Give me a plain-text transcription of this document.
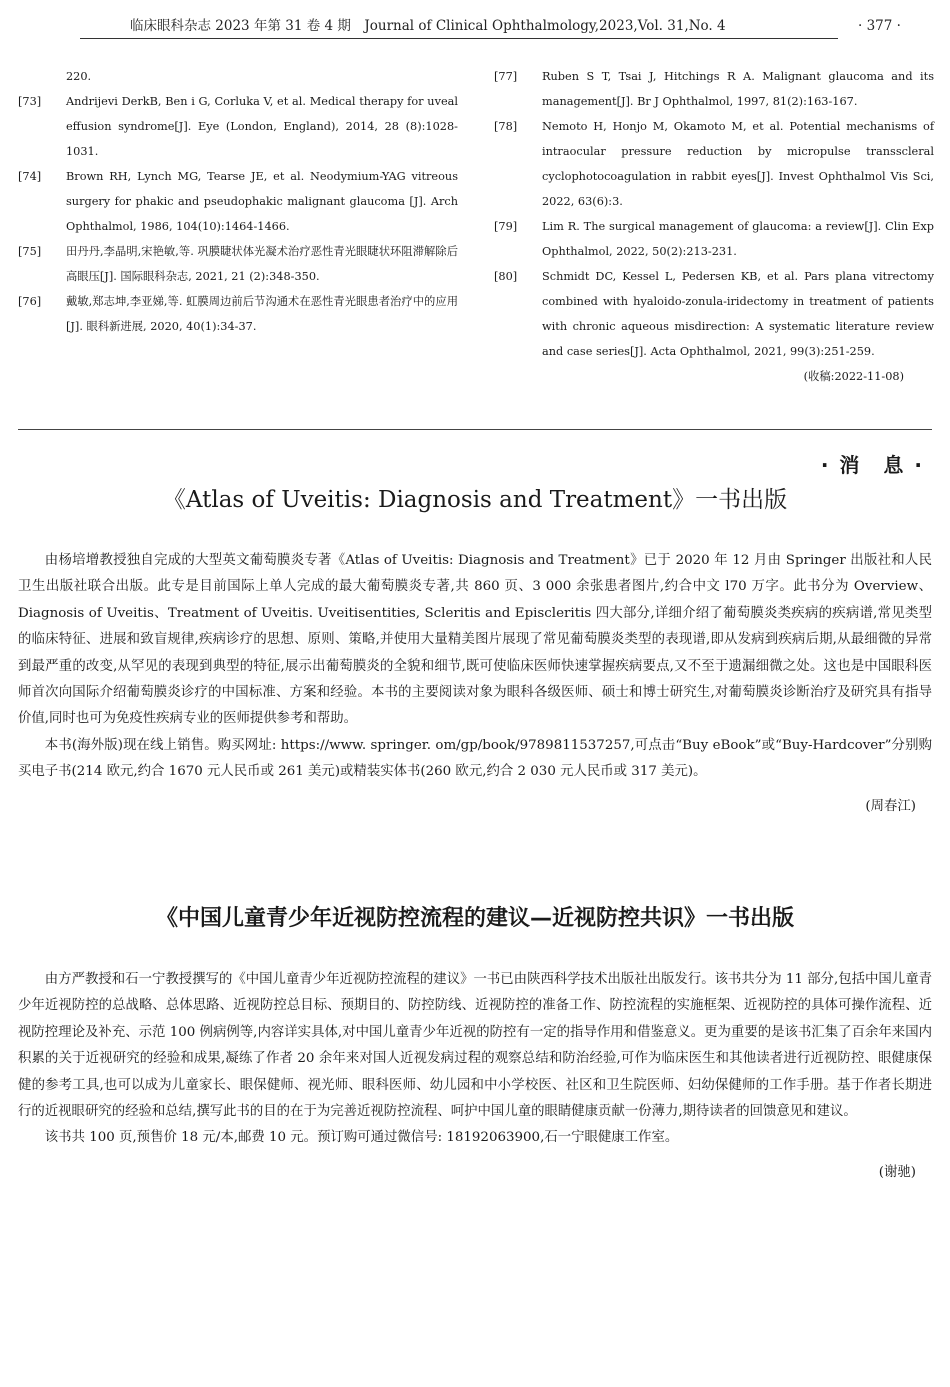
临床眼科杂志 2023 年第 31 卷 4 期　Journal of Clinical Ophthalmology,2023,Vol. 31,No. 4	· 377 ·
220.
[73]	Andrijevi DerkB, Ben i G, Corluka V, et al. Medical therapy for uveal effusion syndrome[J]. Eye (London, England), 2014, 28 (8):1028-1031.
[74]	Brown RH, Lynch MG, Tearse JE, et al. Neodymium-YAG vitreous surgery for phakic and pseudophakic malignant glaucoma [J]. Arch Ophthalmol, 1986, 104(10):1464-1466.
[75]	田丹丹,李晶明,宋艳敏,等. 巩膜睫状体光凝术治疗恶性青光眼睫状环阻滞解除后高眼压[J]. 国际眼科杂志, 2021, 21 (2):348-350.
[76]	戴敏,郑志坤,李亚娣,等. 虹膜周边前后节沟通术在恶性青光眼患者治疗中的应用[J]. 眼科新进展, 2020, 40(1):34-37.
[77]	Ruben S T, Tsai J, Hitchings R A. Malignant glaucoma and its management[J]. Br J Ophthalmol, 1997, 81(2):163-167.
[78]	Nemoto H, Honjo M, Okamoto M, et al. Potential mechanisms of intraocular pressure reduction by micropulse transscleral cyclophotocoagulation in rabbit eyes[J]. Invest Ophthalmol Vis Sci, 2022, 63(6):3.
[79]	Lim R. The surgical management of glaucoma: a review[J]. Clin Exp Ophthalmol, 2022, 50(2):213-231.
[80]	Schmidt DC, Kessel L, Pedersen KB, et al. Pars plana vitrectomy combined with hyaloido-zonula-iridectomy in treatment of patients with chronic aqueous misdirection: A systematic literature review and case series[J]. Acta Ophthalmol, 2021, 99(3):251-259.
(收稿:2022-11-08)
· 消　息 ·
《Atlas of Uveitis: Diagnosis and Treatment》一书出版

由杨培增教授独自完成的大型英文葡萄膜炎专著《Atlas of Uveitis: Diagnosis and Treatment》已于 2020 年 12 月由 Springer 出版社和人民卫生出版社联合出版。此专是目前国际上单人完成的最大葡萄膜炎专著,共 860 页、3 000 余张患者图片,约合中文 l70 万字。此书分为 Overview、Diagnosis of Uveitis、Treatment of Uveitis. Uveitisentities, Scleritis and Episcleritis 四大部分,详细介绍了葡萄膜炎类疾病的疾病谱,常见类型的临床特征、进展和致盲规律,疾病诊疗的思想、原则、策略,并使用大量精美图片展现了常见葡萄膜炎类型的表现谱,即从发病到疾病后期,从最细微的异常到最严重的改变,从罕见的表现到典型的特征,展示出葡萄膜炎的全貌和细节,既可使临床医师快速掌握疾病要点,又不至于遗漏细微之处。这也是中国眼科医师首次向国际介绍葡萄膜炎诊疗的中国标准、方案和经验。本书的主要阅读对象为眼科各级医师、硕士和博士研究生,对葡萄膜炎诊断治疗及研究具有指导价值,同时也可为免疫性疾病专业的医师提供参考和帮助。

本书(海外版)现在线上销售。购买网址: https://www. springer. om/gp/book/9789811537257,可点击“Buy eBook”或“Buy-Hardcover”分别购买电子书(214 欧元,约合 1670 元人民币或 261 美元)或精装实体书(260 欧元,约合 2 030 元人民币或 317 美元)。

(周春江)
《中国儿童青少年近视防控流程的建议—近视防控共识》一书出版

由方严教授和石一宁教授撰写的《中国儿童青少年近视防控流程的建议》一书已由陕西科学技术出版社出版发行。该书共分为 11 部分,包括中国儿童青少年近视防控的总战略、总体思路、近视防控总目标、预期目的、防控防线、近视防控的准备工作、防控流程的实施框架、近视防控的具体可操作流程、近视防控理论及补充、示范 100 例病例等,内容详实具体,对中国儿童青少年近视的防控有一定的指导作用和借鉴意义。更为重要的是该书汇集了百余年来国内积累的关于近视研究的经验和成果,凝练了作者 20 余年来对国人近视发病过程的观察总结和防治经验,可作为临床医生和其他读者进行近视防控、眼健康保健的参考工具,也可以成为儿童家长、眼保健师、视光师、眼科医师、幼儿园和中小学校医、社区和卫生院医师、妇幼保健师的工作手册。基于作者长期进行的近视眼研究的经验和总结,撰写此书的目的在于为完善近视防控流程、呵护中国儿童的眼睛健康贡献一份薄力,期待读者的回馈意见和建议。

该书共 100 页,预售价 18 元/本,邮费 10 元。预订购可通过微信号: 18192063900,石一宁眼健康工作室。

(谢驰)
